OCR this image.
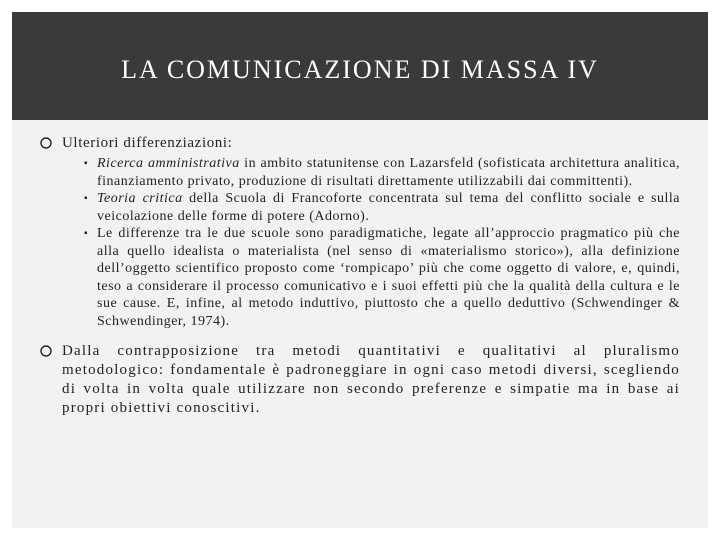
LA COMUNICAZIONE DI MASSA IV
Ulteriori differenziazioni:
▪ Ricerca amministrativa in ambito statunitense con Lazarsfeld (sofisticata architettura analitica, finanziamento privato, produzione di risultati direttamente utilizzabili dai committenti).
▪ Teoria critica della Scuola di Francoforte concentrata sul tema del conflitto sociale e sulla veicolazione delle forme di potere (Adorno).
▪ Le differenze tra le due scuole sono paradigmatiche, legate all’approccio pragmatico più che alla quello idealista o materialista (nel senso di «materialismo storico»), alla definizione dell’oggetto scientifico proposto come ‘rompicapo’ più che come oggetto di valore, e, quindi, teso a considerare il processo comunicativo e i suoi effetti più che la qualità della cultura e le sue cause. E, infine, al metodo induttivo, piuttosto che a quello deduttivo (Schwendinger & Schwendinger, 1974).
Dalla contrapposizione tra metodi quantitativi e qualitativi al pluralismo metodologico: fondamentale è padroneggiare in ogni caso metodi diversi, scegliendo di volta in volta quale utilizzare non secondo preferenze e simpatie ma in base ai propri obiettivi conoscitivi.
